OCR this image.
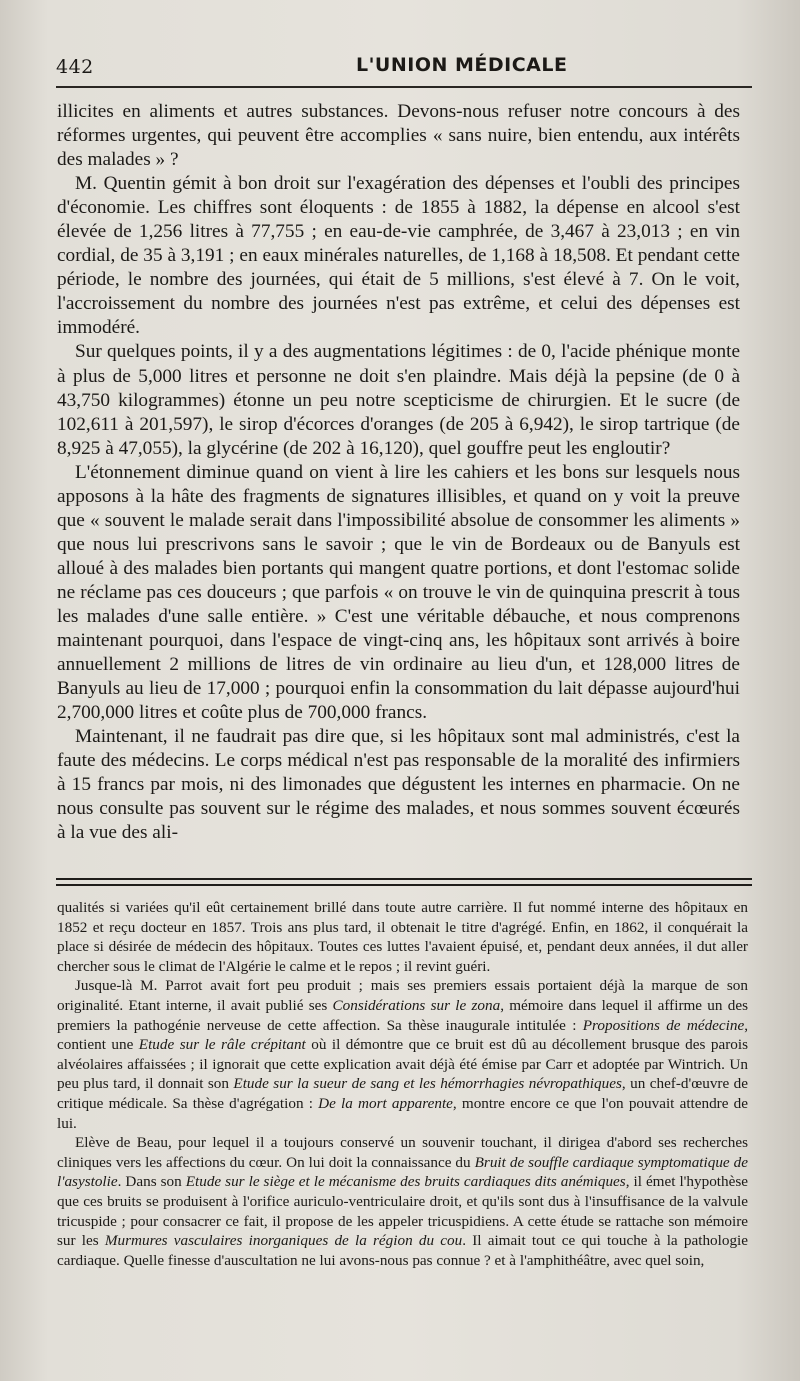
442	L'UNION MÉDICALE

illicites en aliments et autres substances. Devons-nous refuser notre concours à des réformes urgentes, qui peuvent être accomplies « sans nuire, bien entendu, aux intérêts des malades » ?

M. Quentin gémit à bon droit sur l'exagération des dépenses et l'oubli des principes d'économie. Les chiffres sont éloquents : de 1855 à 1882, la dépense en alcool s'est élevée de 1,256 litres à 77,755 ; en eau-de-vie camphrée, de 3,467 à 23,013 ; en vin cordial, de 35 à 3,191 ; en eaux minérales naturelles, de 1,168 à 18,508. Et pendant cette période, le nombre des journées, qui était de 5 millions, s'est élevé à 7. On le voit, l'accroissement du nombre des journées n'est pas extrême, et celui des dépenses est immodéré.

Sur quelques points, il y a des augmentations légitimes : de 0, l'acide phénique monte à plus de 5,000 litres et personne ne doit s'en plaindre. Mais déjà la pepsine (de 0 à 43,750 kilogrammes) étonne un peu notre scepticisme de chirurgien. Et le sucre (de 102,611 à 201,597), le sirop d'écorces d'oranges (de 205 à 6,942), le sirop tartrique (de 8,925 à 47,055), la glycérine (de 202 à 16,120), quel gouffre peut les engloutir?

L'étonnement diminue quand on vient à lire les cahiers et les bons sur lesquels nous apposons à la hâte des fragments de signatures illisibles, et quand on y voit la preuve que « souvent le malade serait dans l'impossibilité absolue de consommer les aliments » que nous lui prescrivons sans le savoir ; que le vin de Bordeaux ou de Banyuls est alloué à des malades bien portants qui mangent quatre portions, et dont l'estomac solide ne réclame pas ces douceurs ; que parfois « on trouve le vin de quinquina prescrit à tous les malades d'une salle entière. » C'est une véritable débauche, et nous comprenons maintenant pourquoi, dans l'espace de vingt-cinq ans, les hôpitaux sont arrivés à boire annuellement 2 millions de litres de vin ordinaire au lieu d'un, et 128,000 litres de Banyuls au lieu de 17,000 ; pourquoi enfin la consommation du lait dépasse aujourd'hui 2,700,000 litres et coûte plus de 700,000 francs.

Maintenant, il ne faudrait pas dire que, si les hôpitaux sont mal administrés, c'est la faute des médecins. Le corps médical n'est pas responsable de la moralité des infirmiers à 15 francs par mois, ni des limonades que dégustent les internes en pharmacie. On ne nous consulte pas souvent sur le régime des malades, et nous sommes souvent écœurés à la vue des ali-

qualités si variées qu'il eût certainement brillé dans toute autre carrière. Il fut nommé interne des hôpitaux en 1852 et reçu docteur en 1857. Trois ans plus tard, il obtenait le titre d'agrégé. Enfin, en 1862, il conquérait la place si désirée de médecin des hôpitaux. Toutes ces luttes l'avaient épuisé, et, pendant deux années, il dut aller chercher sous le climat de l'Algérie le calme et le repos ; il revint guéri.

Jusque-là M. Parrot avait fort peu produit ; mais ses premiers essais portaient déjà la marque de son originalité. Etant interne, il avait publié ses Considérations sur le zona, mémoire dans lequel il affirme un des premiers la pathogénie nerveuse de cette affection. Sa thèse inaugurale intitulée : Propositions de médecine, contient une Etude sur le râle crépitant où il démontre que ce bruit est dû au décollement brusque des parois alvéolaires affaissées ; il ignorait que cette explication avait déjà été émise par Carr et adoptée par Wintrich. Un peu plus tard, il donnait son Etude sur la sueur de sang et les hémorrhagies névropathiques, un chef-d'œuvre de critique médicale. Sa thèse d'agrégation : De la mort apparente, montre encore ce que l'on pouvait attendre de lui.

Elève de Beau, pour lequel il a toujours conservé un souvenir touchant, il dirigea d'abord ses recherches cliniques vers les affections du cœur. On lui doit la connaissance du Bruit de souffle cardiaque symptomatique de l'asystolie. Dans son Etude sur le siège et le mécanisme des bruits cardiaques dits anémiques, il émet l'hypothèse que ces bruits se produisent à l'orifice auriculo-ventriculaire droit, et qu'ils sont dus à l'insuffisance de la valvule tricuspide ; pour consacrer ce fait, il propose de les appeler tricuspidiens. A cette étude se rattache son mémoire sur les Murmures vasculaires inorganiques de la région du cou. Il aimait tout ce qui touche à la pathologie cardiaque. Quelle finesse d'auscultation ne lui avons-nous pas connue ? et à l'amphithéâtre, avec quel soin,
